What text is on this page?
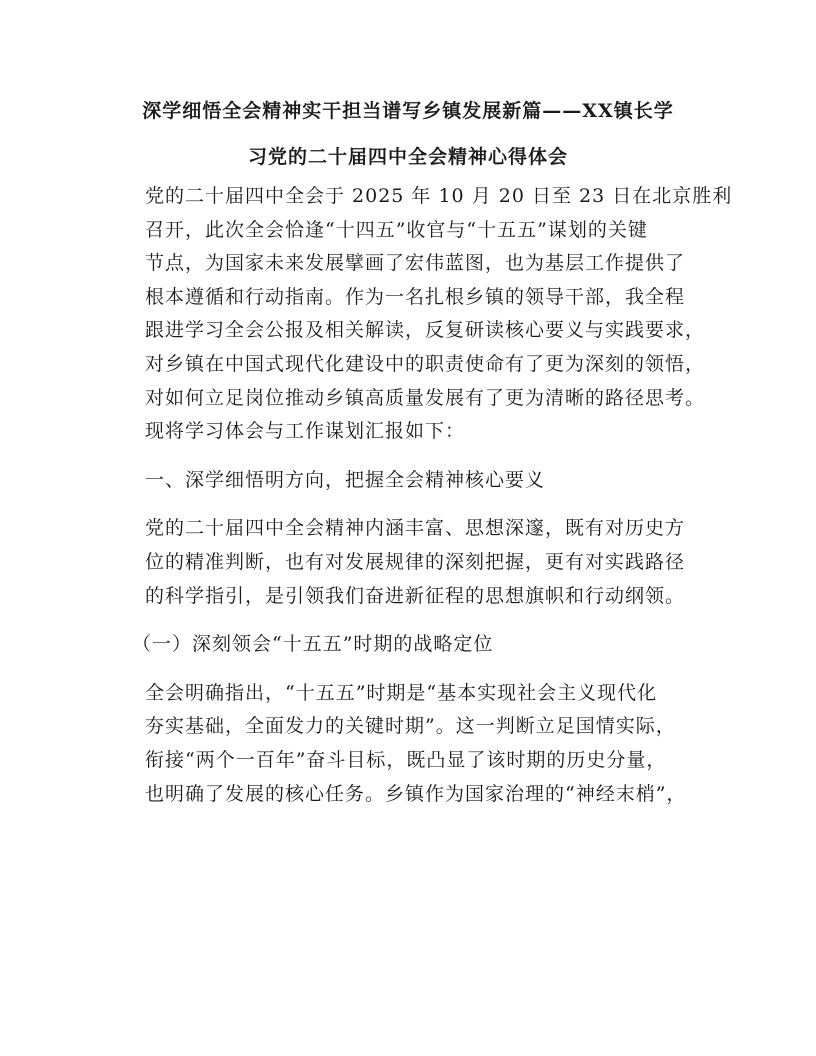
深学细悟全会精神实干担当谱写乡镇发展新篇——XX镇长学
习党的二十届四中全会精神心得体会
党的二十届四中全会于 2025 年 10 月 20 日至 23 日在北京胜利
召开，此次全会恰逢“十四五”收官与“十五五”谋划的关键
节点，为国家未来发展擘画了宏伟蓝图，也为基层工作提供了
根本遵循和行动指南。作为一名扎根乡镇的领导干部，我全程
跟进学习全会公报及相关解读，反复研读核心要义与实践要求，
对乡镇在中国式现代化建设中的职责使命有了更为深刻的领悟，
对如何立足岗位推动乡镇高质量发展有了更为清晰的路径思考。
现将学习体会与工作谋划汇报如下：
一、深学细悟明方向，把握全会精神核心要义
党的二十届四中全会精神内涵丰富、思想深邃，既有对历史方
位的精准判断，也有对发展规律的深刻把握，更有对实践路径
的科学指引，是引领我们奋进新征程的思想旗帜和行动纲领。
（一）深刻领会“十五五”时期的战略定位
全会明确指出，“十五五”时期是“基本实现社会主义现代化
夯实基础，全面发力的关键时期”。这一判断立足国情实际，
衔接“两个一百年”奋斗目标，既凸显了该时期的历史分量，
也明确了发展的核心任务。乡镇作为国家治理的“神经末梢”，
